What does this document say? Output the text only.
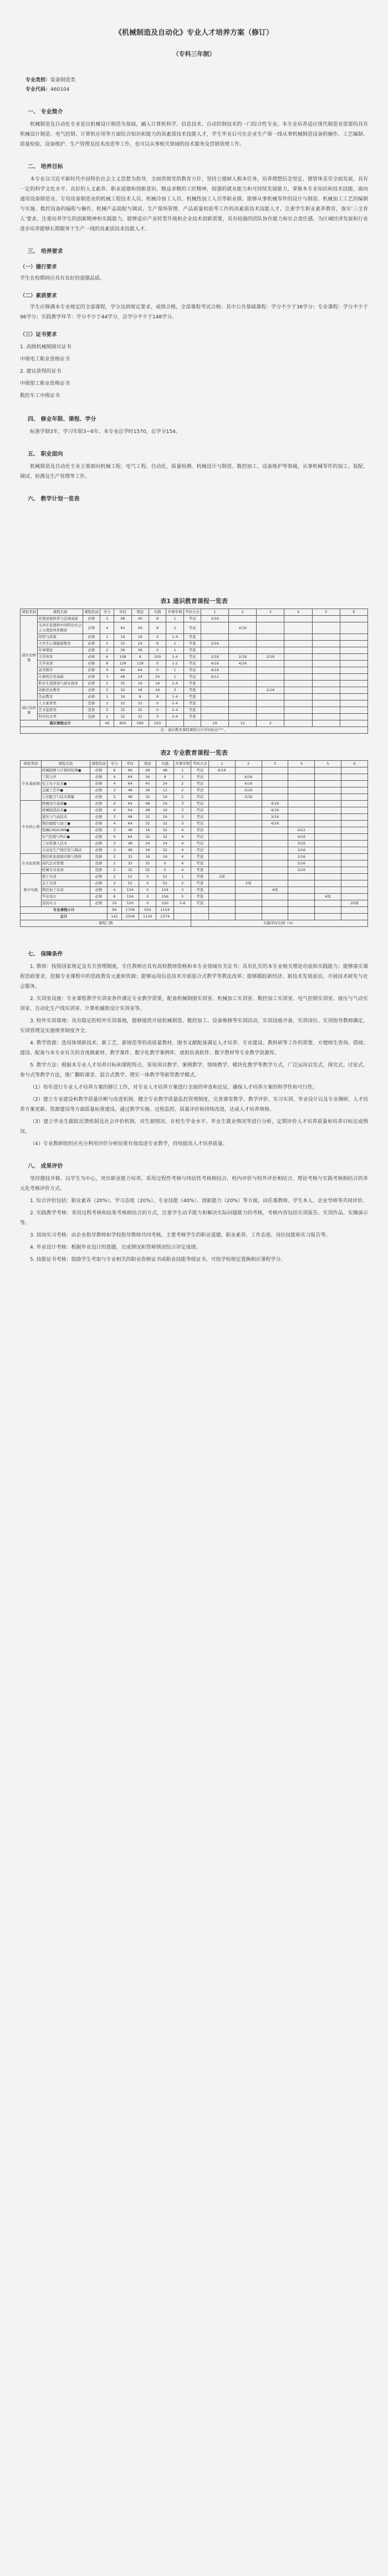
《机械制造及自动化》专业人才培养方案（修订）
（专科三年制）
专业类别：装备制造类
专业代码：460104
一、 专业简介

机械制造及自动化专业是以机械设计制造为基础，融入计算机科学、信息技术、自动控制技术的一门综合性专业。本专业培养适应现代制造业需要的具有机械设计制造、电气控制、计算机应用等方面综合知识和能力的高素质技术技能人才，学生毕业后可在企业生产第一线从事机械制造设备的操作、工艺编制、质量检验、设备维护、生产管理及技术改造等工作，也可以从事相关领域的技术服务及营销管理工作。

二、 培养目标

本专业以习近平新时代中国特色社会主义思想为指导，全面贯彻党的教育方针，坚持立德树人根本任务，培养理想信念坚定、德智体美劳全面发展，具有一定的科学文化水平、良好的人文素养、职业道德和创新意识，精益求精的工匠精神，较强的就业能力和可持续发展能力，掌握本专业知识和技术技能，面向通用设备制造业、专用设备制造业的机械工程技术人员、机械冷加工人员、机械热加工人员等职业群，能够从事机械零件的设计与制造、机械加工工艺的编制与实施、数控设备的编程与操作、机械产品装配与调试、生产现场管理、产品质量检验等工作的高素质技术技能人才。注重学生职业素养教育，落实‘三全育人’要求，注重培养学生的创新精神和实践能力，能够适应产业转型升级和企业技术创新需要，具有较强的团队协作能力和社会责任感，为区域经济发展和行业进步培养能够长期服务于生产一线的高素质技术技能人才。

三、 培养要求
（一）德行要求

学生在校期间应具有良好的道德品质。

（二）素质要求

学生应修满本专业规定的全部课程，学分达到规定要求，成绩合格，全部课程考试合格；其中公共基础课程：学分不少于36学分；专业课程：学分不少于96学分；实践教学环节：学分不少于44学分，总学分不少于148学分。

（三）证书要求

1. 高级机械制图员证书

中级电工职业资格证书

2. 建议获得的证书

中级钳工职业资格证书

数控车工中级证书

四、 修业年限、课程、学分

标准学制3年，学习年限3~6年。本专业总学时1570，总学分154。

五、 职业面向

机械制造及自动化专业主要面向机械工程、电气工程、自动化、质量检测、机械设计与制造、数控加工、设备维护等领域，从事机械零件的加工、装配、调试、检测及生产管理等工作。

六、 教学计划一览表
表1 通识教育课程一览表
课程类别	课程名称	课程性质	学分	学时	理论	实践	开课学期	考核方式	1	2	3	4	5	6
通识必修课	思想道德修养与法律基础	必修	3	48	40	8	1	考试	3/16					
	毛泽东思想和中国特色社会主义理论体系概论	必修	4	64	56	8	2	考试		4/16				
	形势与政策	必修	1	16	16	0	1-4	考查						
	大学生心理健康教育	必修	2	32	24	8	1	考查	2/16					
	军事理论	必修	2	36	36	0	1	考查						
	大学体育	必修	6	108	8	100	1-4	考试	2/18	2/18	2/18			
	大学英语	必修	8	128	128	0	1-2	考试	4/16	4/16				
	高等数学	必修	4	64	64	0	1	考试	4/16					
	计算机应用基础	必修	3	48	24	24	1	考试	4/12					
	职业生涯规划与就业指导	必修	2	32	16	16	1-4	考查						
	创新创业教育	必修	2	32	16	16	3	考查			2/16			
	劳动教育	必修	1	16	8	8	1-4	考查						
通识选修课	人文素养类	选修	2	32	32	0	2-4	考查						
	艺术鉴赏类	选修	2	32	32	0	2-4	考查						
	科学技术类	选修	2	32	32	0	2-4	考查						
通识课程合计			48	800	580	220			19	12	2			
注：通识教育课程课程合计学时标注“*”。														
表2 专业教育课程一览表
课程类别	课程名称	课程性质	学分	学时	理论	实践	开课学期	考核方式	1	2	3	4	5	6
专业基础课	机械制图与计算机绘图●	必修	6	96	48	48	1	考试	6/16					
	工程力学	必修	4	64	56	8	2	考试		4/16				
	电工电子技术●	必修	4	64	40	24	2	考试		4/16				
	金属工艺学●	必修	3	48	36	12	2	考试		3/16				
	公差配合与技术测量	必修	3	48	32	16	2	考试		3/16				
专业核心课	机械设计基础●	必修	4	64	48	16	3	考试			4/16			
	机械制造技术●	必修	4	64	48	16	3	考试			4/16			
	液压与气动技术	必修	3	48	32	16	3	考试			3/16			
	数控编程与加工●	必修	4	64	32	32	3	考试			4/16			
	机械CAD/CAM●	必修	3	48	16	32	4	考试				4/12		
	电气控制与PLC●	必修	4	64	32	32	4	考试				4/16		
	工业机器人技术	必修	3	48	24	24	4	考试				3/16		
	自动化生产线安装与调试	必修	3	48	16	32	4	考试				3/16		
专业拓展课	数控机床故障诊断与维修	选修	2	32	16	16	4	考查				2/16		
	现代企业管理	选修	2	32	32	0	4	考查				2/16		
	机械专业英语	选修	2	32	32	0	4	考查				2/16		
集中实践	钳工实训	必修	2	52	0	52	1	考查	2周					
	金工实训	必修	2	52	0	52	2	考查		2周				
	数控加工实训	必修	4	104	0	104	3	考查			4周			
	毕业设计	必修	6	156	0	156	5	考查					6周	
	顶岗实习	必修	20	520	0	520	5-6	考查						20周
专业课程小计			94	1708	554	1154								
总计			142	2508	1134	1374								
课程门数								实践学时比例（%）						
七、 保障条件

1. 教师：按照国家规定及有关管理制度，专任教师应具有高校教师资格和本专业领域有关证书；具有扎实的本专业相关理论功底和实践能力；能够落实课程思政要求，挖掘专业课程中的思政教育元素和资源；能够运用信息技术开展混合式教学等教法改革；能够跟踪新经济、新技术发展前沿，开展技术研发与社会服务。

2. 实训室设施：专业课程教学实训室条件满足专业教学需要，配备机械制图实训室、机械加工实训室、数控加工实训室、电气控制实训室、液压与气动实训室、自动化生产线实训室、计算机辅助设计实训室等。

3. 校外实训基地：具有稳定的校外实训基地，能够提供开展机械制造、数控加工、设备维修等实训活动，实训设施齐备，实训岗位、实训指导教师确定，实训管理及实施规章制度齐全。

4. 教学资源：选用体现新技术、新工艺、新规范等的高质量教材，图书文献配备满足人才培养、专业建设、教科研等工作的需要，方便师生查询、借阅；建设、配备与本专业有关的音视频素材、教学课件、数字化教学案例库、虚拟仿真软件、数字教材等专业教学资源库。

5. 教学方法：根据本专业人才培养目标和课程特点，采用项目教学、案例教学、情境教学、模块化教学等教学方式，广泛运用启发式、探究式、讨论式、参与式等教学方法，推广翻转课堂、混合式教学、理实一体教学等新型教学模式。

（1）每年进行专业人才培养方案的修订工作，对专业人才培养方案进行全面的审查和论证，确保人才培养方案的科学性和可行性。

（2）建立专业建设和教学质量诊断与改进机制，健全专业教学质量监控管理制度，完善课堂教学、教学评价、实习实训、毕业设计以及专业调研、人才培养方案更新、资源建设等方面质量标准建设，通过教学实施、过程监控、质量评价和持续改进，达成人才培养规格。

（3）建立毕业生跟踪反馈机制及社会评价机制，对生源情况、在校生学业水平、毕业生就业情况等进行分析，定期评价人才培养质量和培养目标达成情况。

（4）专业教研组织应充分利用评价分析结果有效改进专业教学，持续提高人才培养质量。

八、 成果评价

坚持德技并修、以学生为中心，突出职业能力培养，采用过程性考核与终结性考核相结合，校内评价与校外评价相结合，理论考核与实践考核相结合的多元化考核评价方式。

1. 综合评价包括：职业素养（20%）、学习态度（20%）、专业技能（40%）、创新能力（20%）等方面，由任课教师、学生本人、企业导师等共同评价。

2. 实践教学考核：采用过程考核和结果考核相结合的方式，注重学生动手能力和解决实际问题能力的考核，考核内容包括实训报告、实训作品、实操演示等。

3. 顶岗实习考核：由企业指导教师和学校指导教师共同考核，主要考核学生的职业道德、职业素养、工作态度、岗位技能和实习报告等。

4. 毕业设计考核：根据毕业设计的选题、完成情况和答辩情况综合评定成绩。

5. 技能证书考核：鼓励学生考取与专业相关的职业资格证书或职业技能等级证书，可按学校规定置换相应课程学分。
